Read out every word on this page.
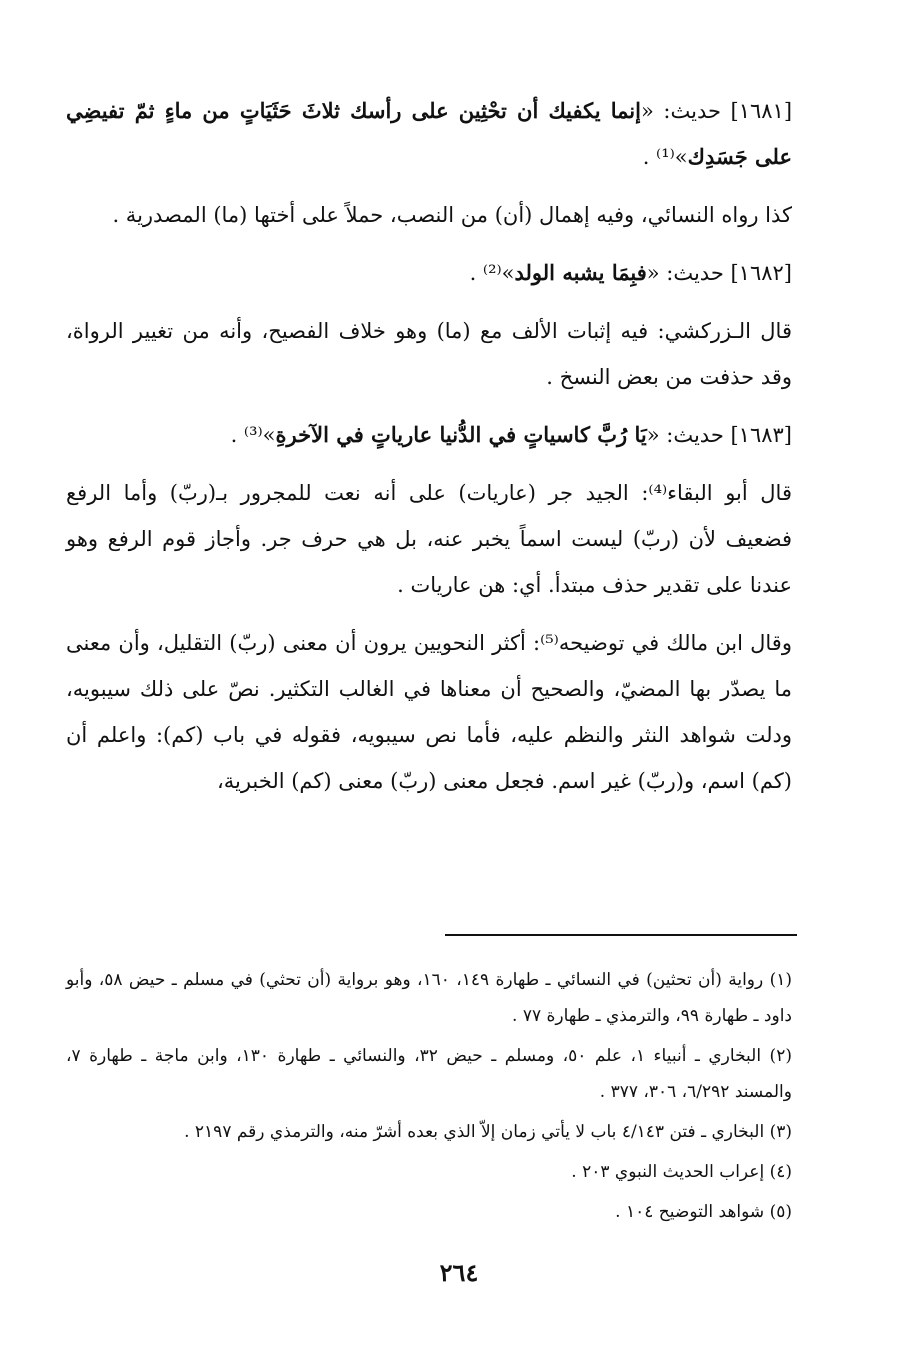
[١٦٨١] حديث: «إنما يكفيك أن تحْثِين على رأسك ثلاثَ حَثَيَاتٍ من ماءٍ ثمّ تفيضِي على جَسَدِك»⁽¹⁾ .

كذا رواه النسائي، وفيه إهمال (أن) من النصب، حملاً على أختها (ما) المصدرية .

[١٦٨٢] حديث: «فبِمَا يشبه الولد»⁽²⁾ .

قال الـزركشي: فيه إثبات الألف مع (ما) وهو خلاف الفصيح، وأنه من تغيير الرواة، وقد حذفت من بعض النسخ .

[١٦٨٣] حديث: «يَا رُبَّ كاسياتٍ في الدُّنيا عارياتٍ في الآخرةِ»⁽³⁾ .

قال أبو البقاء⁽⁴⁾: الجيد جر (عاريات) على أنه نعت للمجرور بـ(ربّ) وأما الرفع فضعيف لأن (ربّ) ليست اسماً يخبر عنه، بل هي حرف جر. وأجاز قوم الرفع وهو عندنا على تقدير حذف مبتدأ. أي: هن عاريات .

وقال ابن مالك في توضيحه⁽⁵⁾: أكثر النحويين يرون أن معنى (ربّ) التقليل، وأن معنى ما يصدّر بها المضيّ، والصحيح أن معناها في الغالب التكثير. نصّ على ذلك سيبويه، ودلت شواهد النثر والنظم عليه، فأما نص سيبويه، فقوله في باب (كم): واعلم أن (كم) اسم، و(ربّ) غير اسم. فجعل معنى (ربّ) معنى (كم) الخبرية،

(١) رواية (أن تحثين) في النسائي ـ طهارة ١٤٩، ١٦٠، وهو برواية (أن تحثي) في مسلم ـ حيض ٥٨، وأبو داود ـ طهارة ٩٩، والترمذي ـ طهارة ٧٧ .

(٢) البخاري ـ أنبياء ١، علم ٥٠، ومسلم ـ حيض ٣٢، والنسائي ـ طهارة ١٣٠، وابن ماجة ـ طهارة ٧، والمسند ٦/٢٩٢، ٣٠٦، ٣٧٧ .

(٣) البخاري ـ فتن ٤/١٤٣ باب لا يأتي زمان إلاّ الذي بعده أشرّ منه، والترمذي رقم ٢١٩٧ .

(٤) إعراب الحديث النبوي ٢٠٣ .

(٥) شواهد التوضيح ١٠٤ .

٢٦٤
